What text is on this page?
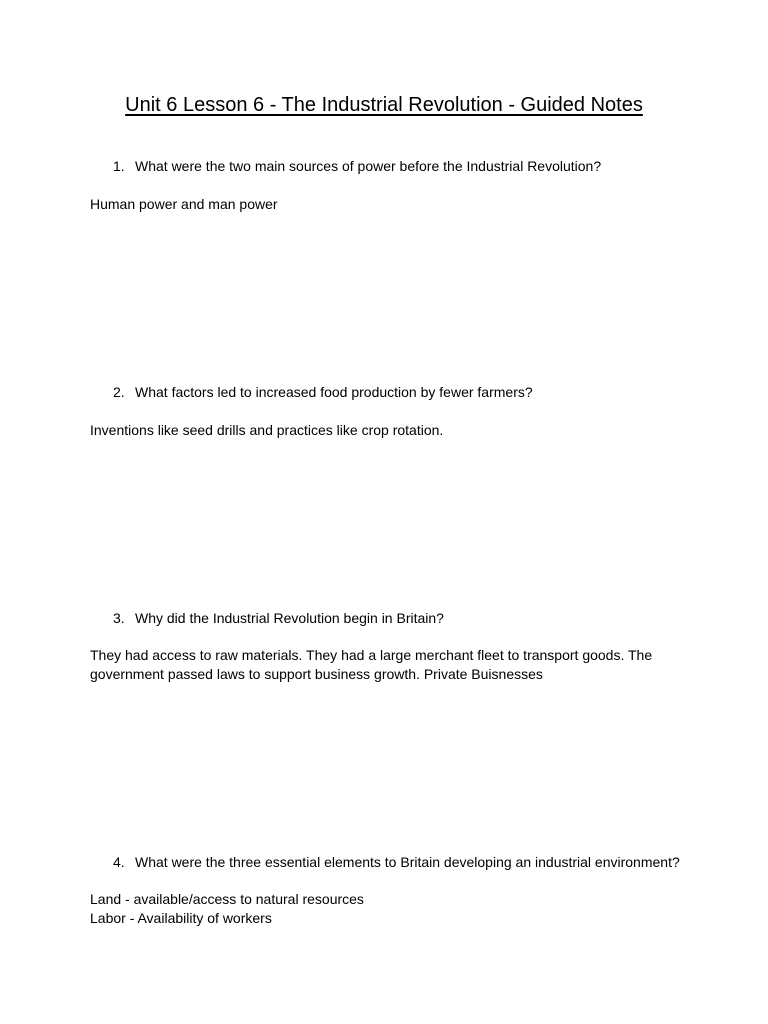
Unit 6 Lesson 6 - The Industrial Revolution - Guided Notes
1. What were the two main sources of power before the Industrial Revolution?
Human power and man power
2. What factors led to increased food production by fewer farmers?
Inventions like seed drills and practices like crop rotation.
3. Why did the Industrial Revolution begin in Britain?
They had access to raw materials. They had a large merchant fleet to transport goods. The
government passed laws to support business growth. Private Buisnesses
4. What were the three essential elements to Britain developing an industrial environment?
Land - available/access to natural resources
Labor - Availability of workers
